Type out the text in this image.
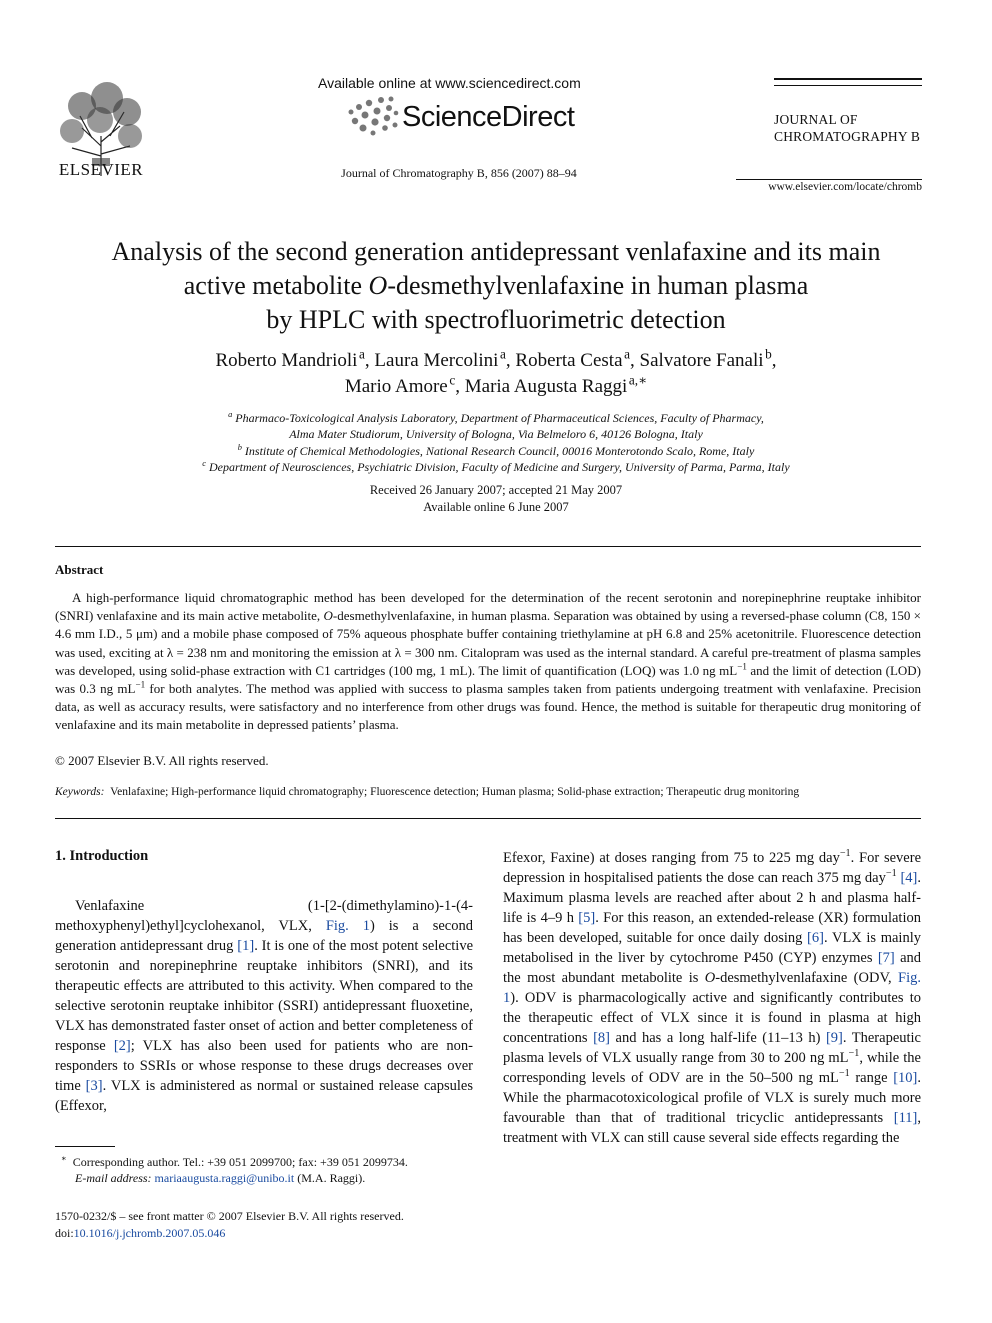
ELSEVIER
Available online at www.sciencedirect.com
ScienceDirect
Journal of Chromatography B, 856 (2007) 88–94
JOURNAL OF
CHROMATOGRAPHY B
www.elsevier.com/locate/chromb
Analysis of the second generation antidepressant venlafaxine and its main
active metabolite O-desmethylvenlafaxine in human plasma
by HPLC with spectrofluorimetric detection
Roberto Mandrioli  $^a$, Laura Mercolini  $^a$, Roberta Cesta  $^a$, Salvatore Fanali  $^b$,
Mario Amore  $^c$, Maria Augusta Raggi  $^{a,∗}$
$^a$ Pharmaco-Toxicological Analysis Laboratory, Department of Pharmaceutical Sciences, Faculty of Pharmacy,
Alma Mater Studiorum, University of Bologna, Via Belmeloro 6, 40126 Bologna, Italy
$^b$ Institute of Chemical Methodologies, National Research Council, 00016 Monterotondo Scalo, Rome, Italy
$^c$ Department of Neurosciences, Psychiatric Division, Faculty of Medicine and Surgery, University of Parma, Parma, Italy
Received 26 January 2007; accepted 21 May 2007
Available online 6 June 2007
Abstract
A high-performance liquid chromatographic method has been developed for the determination of the recent serotonin and norepinephrine reuptake inhibitor (SNRI) venlafaxine and its main active metabolite, O-desmethylvenlafaxine, in human plasma. Separation was obtained by using a reversed-phase column (C8, 150 × 4.6 mm I.D., 5 μm) and a mobile phase composed of 75% aqueous phosphate buffer containing triethylamine at pH 6.8 and 25% acetonitrile. Fluorescence detection was used, exciting at λ = 238 nm and monitoring the emission at λ = 300 nm. Citalopram was used as the internal standard. A careful pre-treatment of plasma samples was developed, using solid-phase extraction with C1 cartridges (100 mg, 1 mL). The limit of quantification (LOQ) was 1.0 ng $mL^{-1}$ and the limit of detection (LOD) was 0.3 ng $mL^{-1}$ for both analytes. The method was applied with success to plasma samples taken from patients undergoing treatment with venlafaxine. Precision data, as well as accuracy results, were satisfactory and no interference from other drugs was found. Hence, the method is suitable for therapeutic drug monitoring of venlafaxine and its main metabolite in depressed patients’ plasma.
© 2007 Elsevier B.V. All rights reserved.
Keywords: Venlafaxine; High-performance liquid chromatography; Fluorescence detection; Human plasma; Solid-phase extraction; Therapeutic drug monitoring
1. Introduction

Venlafaxine (1-[2-(dimethylamino)-1-(4-methoxyphenyl)ethyl]cyclohexanol, VLX, Fig. 1) is a second generation antidepressant drug [1]. It is one of the most potent selective serotonin and norepinephrine reuptake inhibitors (SNRI), and its therapeutic effects are attributed to this activity. When compared to the selective serotonin reuptake inhibitor (SSRI) antidepressant fluoxetine, VLX has demonstrated faster onset of action and better completeness of response [2]; VLX has also been used for patients who are non-responders to SSRIs or whose response to these drugs decreases over time [3]. VLX is administered as normal or sustained release capsules (Effexor,

Efexor, Faxine) at doses ranging from 75 to 225 mg day$^{-1}$. For severe depression in hospitalised patients the dose can reach 375 mg day$^{-1}$ [4]. Maximum plasma levels are reached after about 2 h and plasma half-life is 4–9 h [5]. For this reason, an extended-release (XR) formulation has been developed, suitable for once daily dosing [6]. VLX is mainly metabolised in the liver by cytochrome P450 (CYP) enzymes [7] and the most abundant metabolite is O-desmethylvenlafaxine (ODV, Fig. 1). ODV is pharmacologically active and significantly contributes to the therapeutic effect of VLX since it is found in plasma at high concentrations [8] and has a long half-life (11–13 h) [9]. Therapeutic plasma levels of VLX usually range from 30 to 200 ng $mL^{-1}$, while the corresponding levels of ODV are in the 50–500 ng $mL^{-1}$ range [10]. While the pharmacotoxicological profile of VLX is surely much more favourable than that of traditional tricyclic antidepressants [11], treatment with VLX can still cause several side effects regarding the

∗ Corresponding author. Tel.: +39 051 2099700; fax: +39 051 2099734.
E-mail address: mariaaugusta.raggi@unibo.it (M.A. Raggi).
1570-0232/$ – see front matter © 2007 Elsevier B.V. All rights reserved.
doi:10.1016/j.jchromb.2007.05.046
